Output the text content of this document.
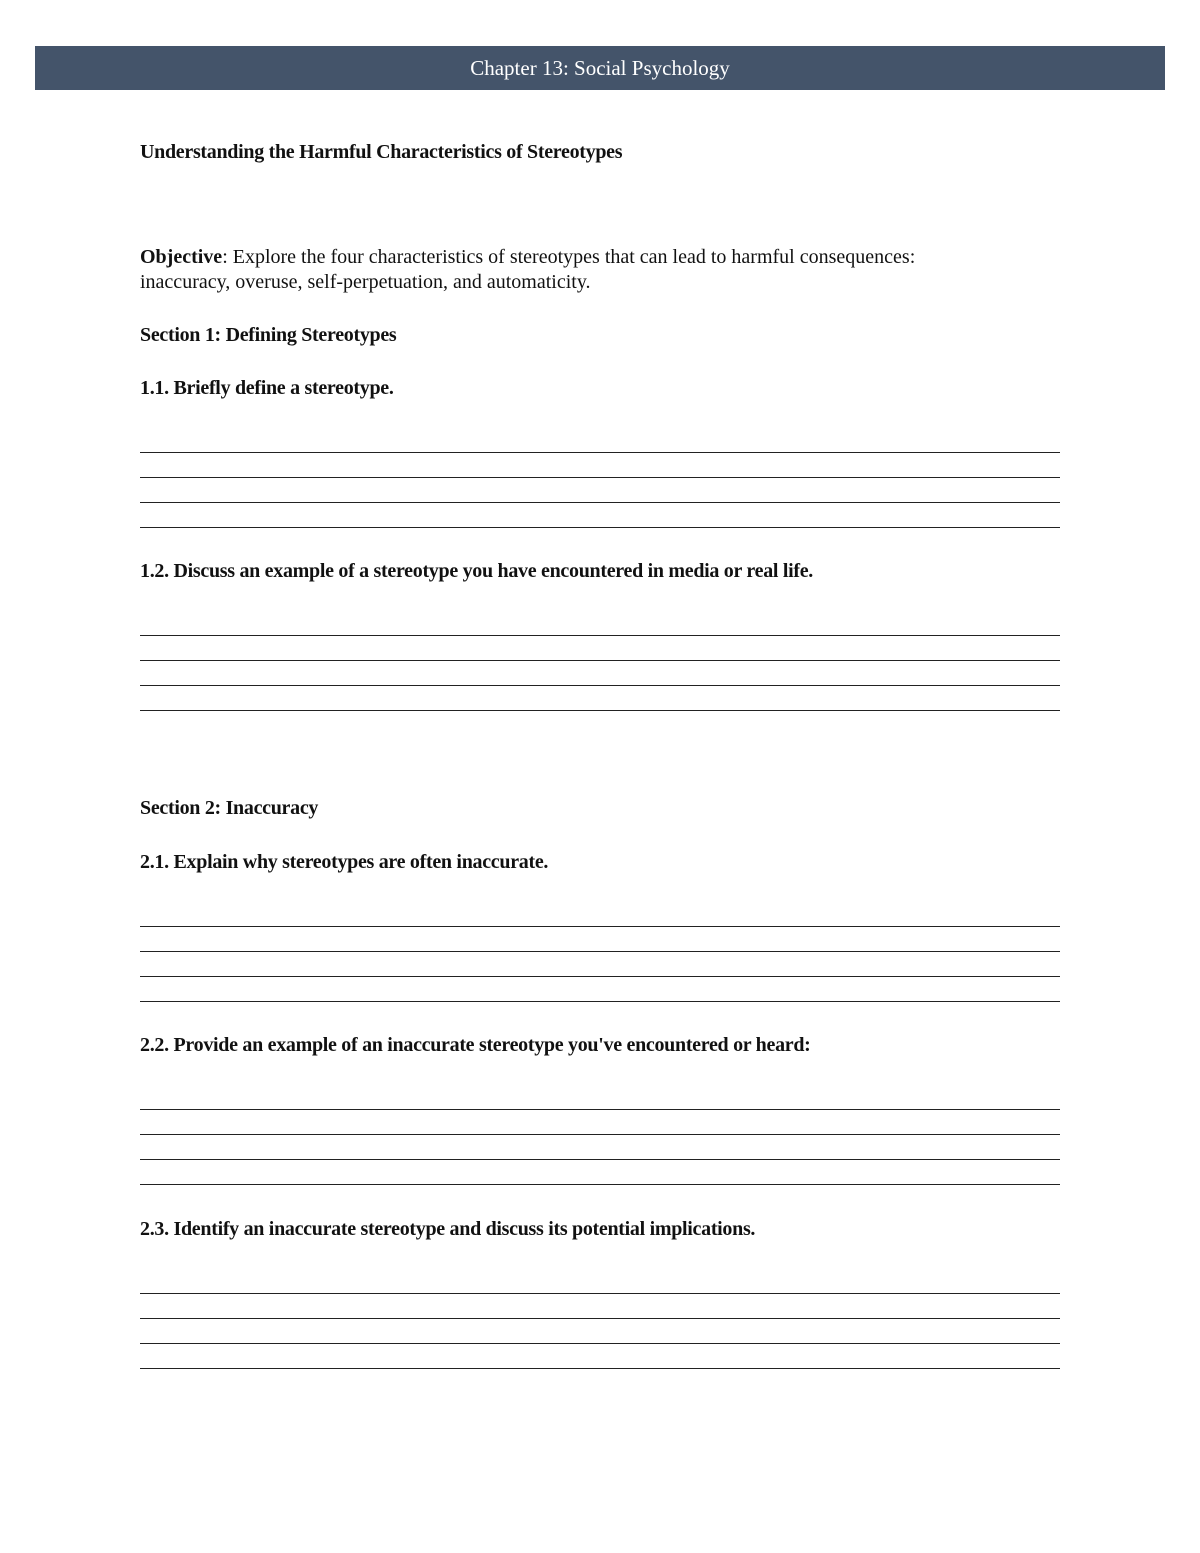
Chapter 13: Social Psychology
Understanding the Harmful Characteristics of Stereotypes

Objective: Explore the four characteristics of stereotypes that can lead to harmful consequences: inaccuracy, overuse, self-perpetuation, and automaticity.

Section 1: Defining Stereotypes

1.1. Briefly define a stereotype.

1.2. Discuss an example of a stereotype you have encountered in media or real life.

Section 2: Inaccuracy

2.1. Explain why stereotypes are often inaccurate.

2.2. Provide an example of an inaccurate stereotype you've encountered or heard:

2.3. Identify an inaccurate stereotype and discuss its potential implications.
